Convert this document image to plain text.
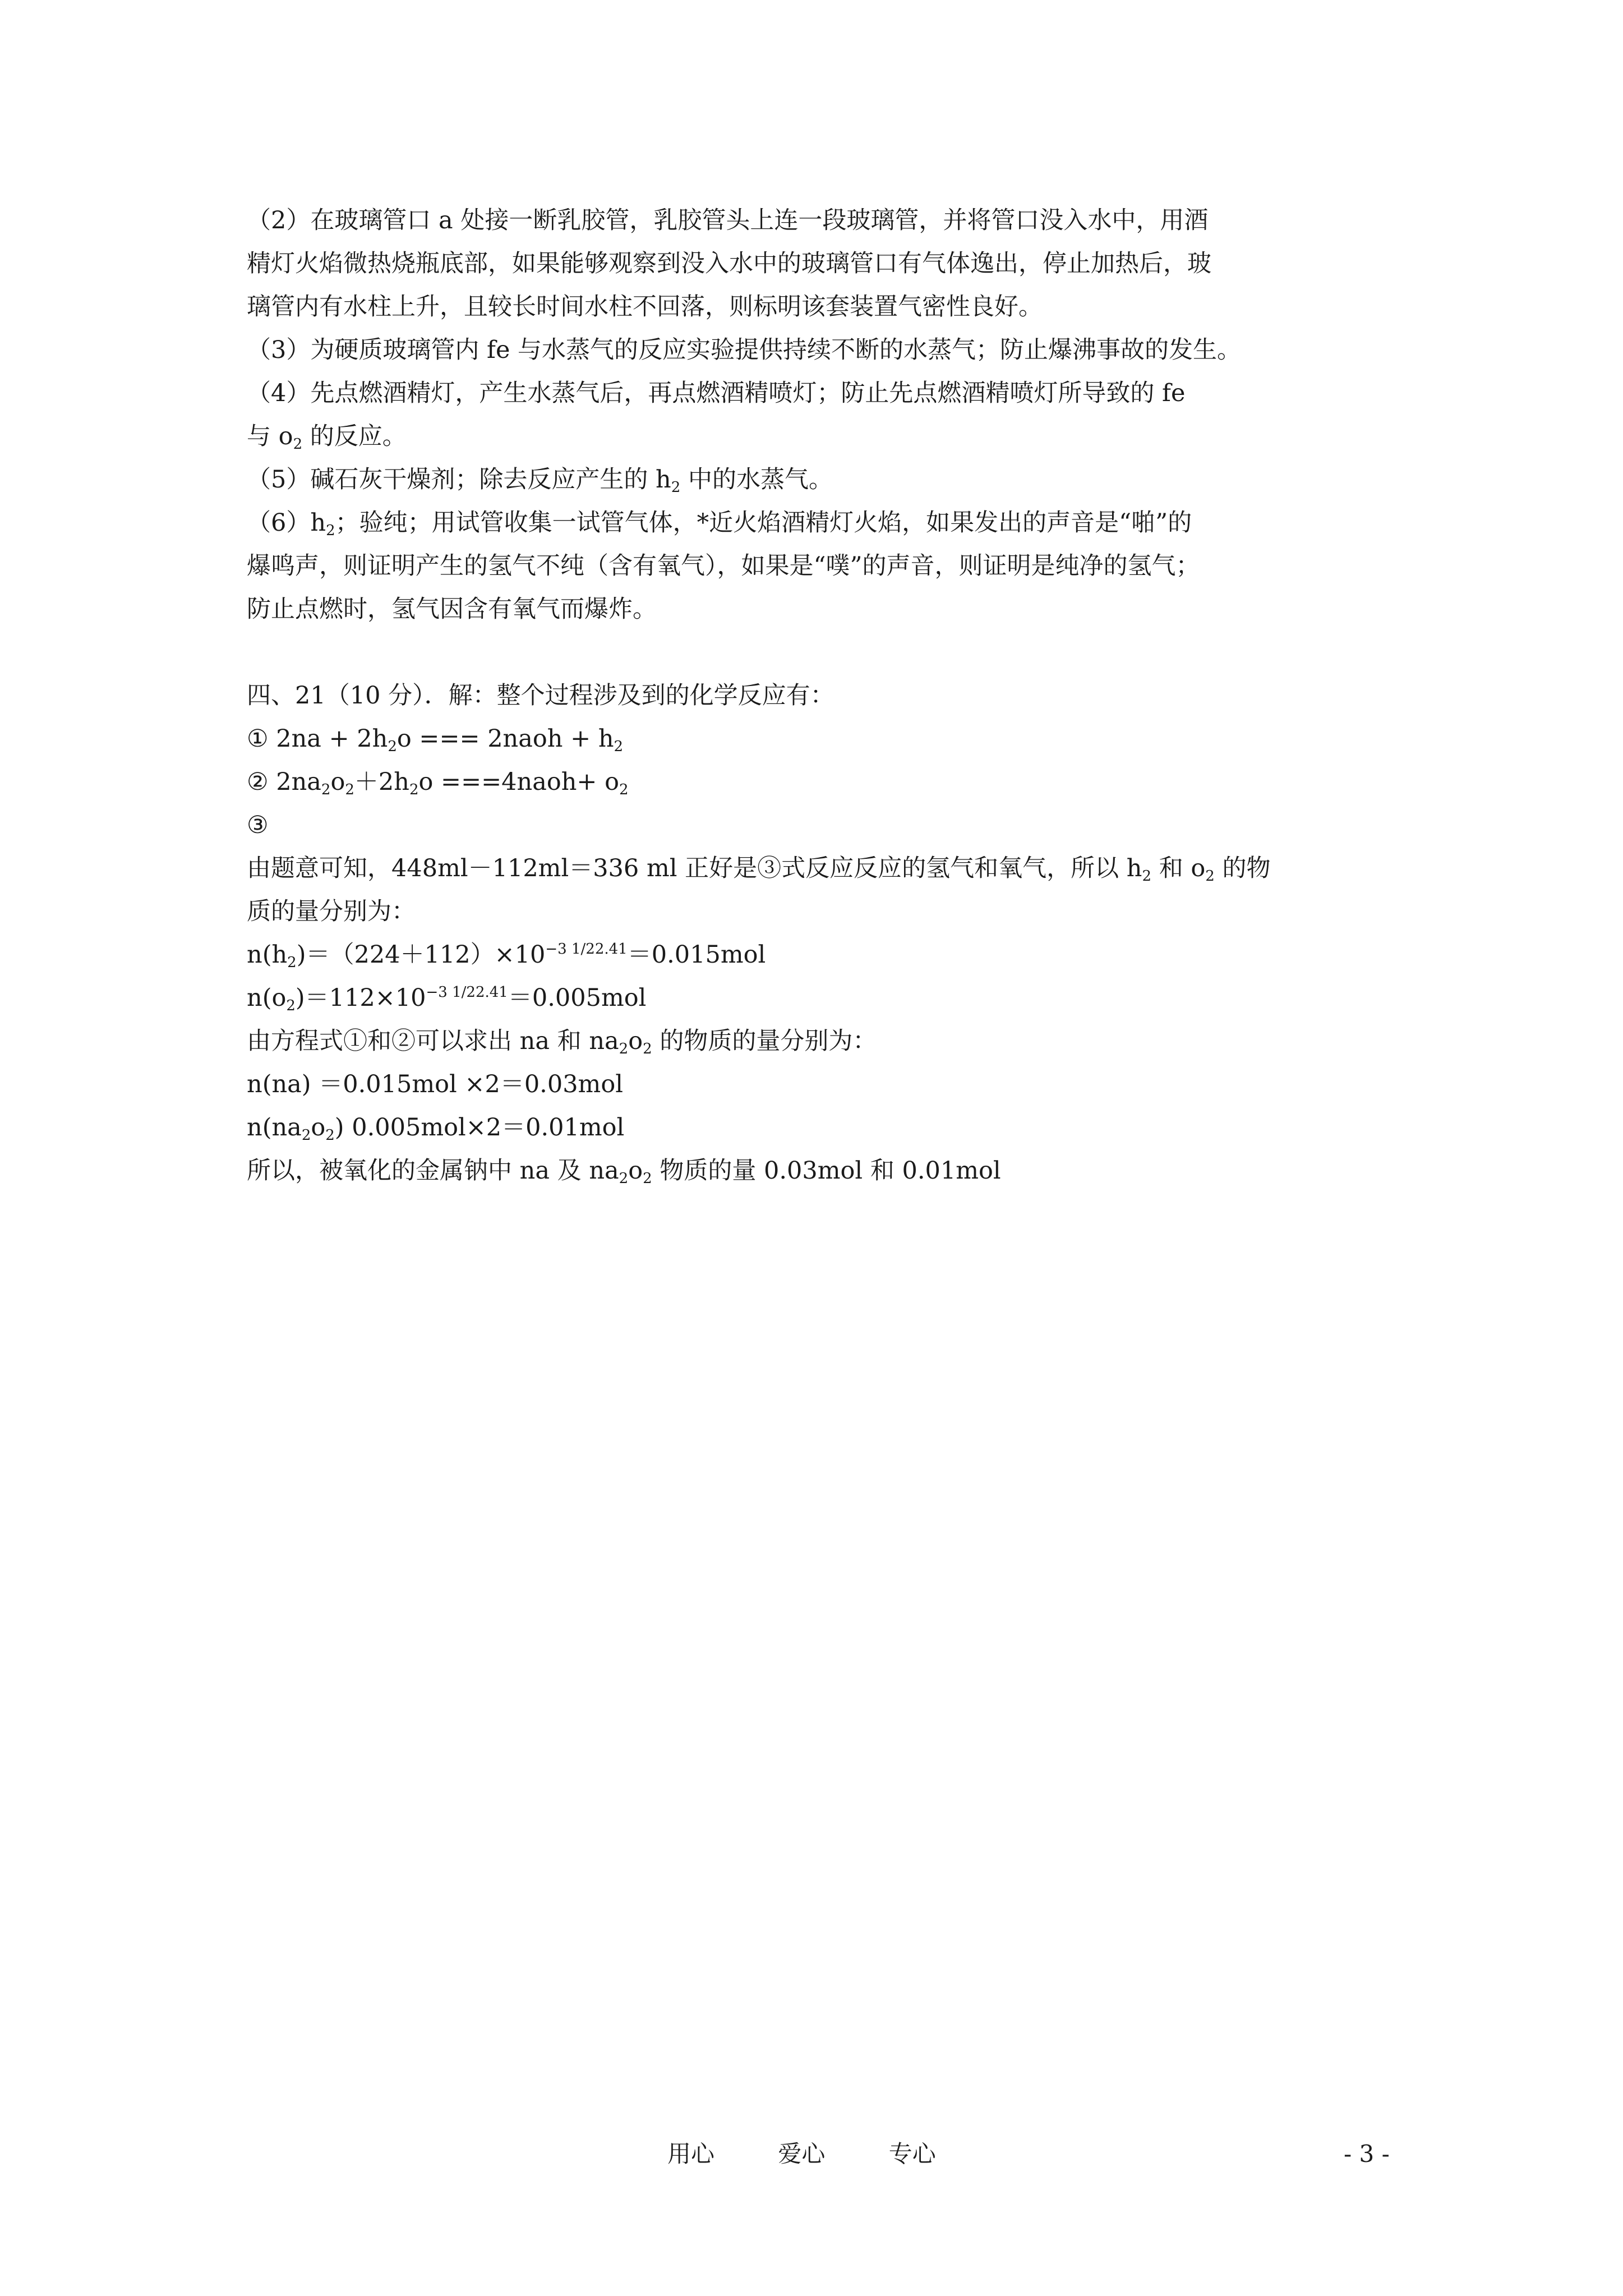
（2）在玻璃管口 a 处接一断乳胶管，乳胶管头上连一段玻璃管，并将管口没入水中，用酒
精灯火焰微热烧瓶底部，如果能够观察到没入水中的玻璃管口有气体逸出，停止加热后，玻
璃管内有水柱上升，且较长时间水柱不回落，则标明该套装置气密性良好。
（3）为硬质玻璃管内 fe 与水蒸气的反应实验提供持续不断的水蒸气；防止爆沸事故的发生。
（4）先点燃酒精灯，产生水蒸气后，再点燃酒精喷灯；防止先点燃酒精喷灯所导致的 fe
与 $o_2$ 的反应。
（5）碱石灰干燥剂；除去反应产生的 $h_2$ 中的水蒸气。
$(6)h_2$；验纯；用试管收集一试管气体，*近火焰酒精灯火焰，如果发出的声音是“啪”的
爆鸣声，则证明产生的氢气不纯（含有氧气），如果是“噗”的声音，则证明是纯净的氢气；
防止点燃时，氢气因含有氧气而爆炸。
四、21（10 分）．解：整个过程涉及到的化学反应有：
① $2na + 2h_2o$ === 2naoh + $h_2$
② $2na_2o_2+2h_2o$ ===4naoh+ $o_2$
③
由题意可知，448ml－112ml＝336 ml 正好是③式反应反应的氢气和氧气，所以 $h_2$ 和 $o_2$ 的物
质的量分别为：
$n(h_2)=(224+112)\times 10^{-3 1/22.41}=0.015mol$
$n(o_2)=112\times 10^{-3 1/22.41}=0.005mol$
由方程式①和②可以求出 na 和 $na_2o_2$ 的物质的量分别为：
n(na) ＝0.015mol ×2＝0.03mol
$n(na_2o_2)$ 0.005mol×2＝0.01mol
所以，被氧化的金属钠中 na 及 $na_2o_2$ 物质的量 0.03mol 和 0.01mol
用心	爱心	专心	- 3 -
